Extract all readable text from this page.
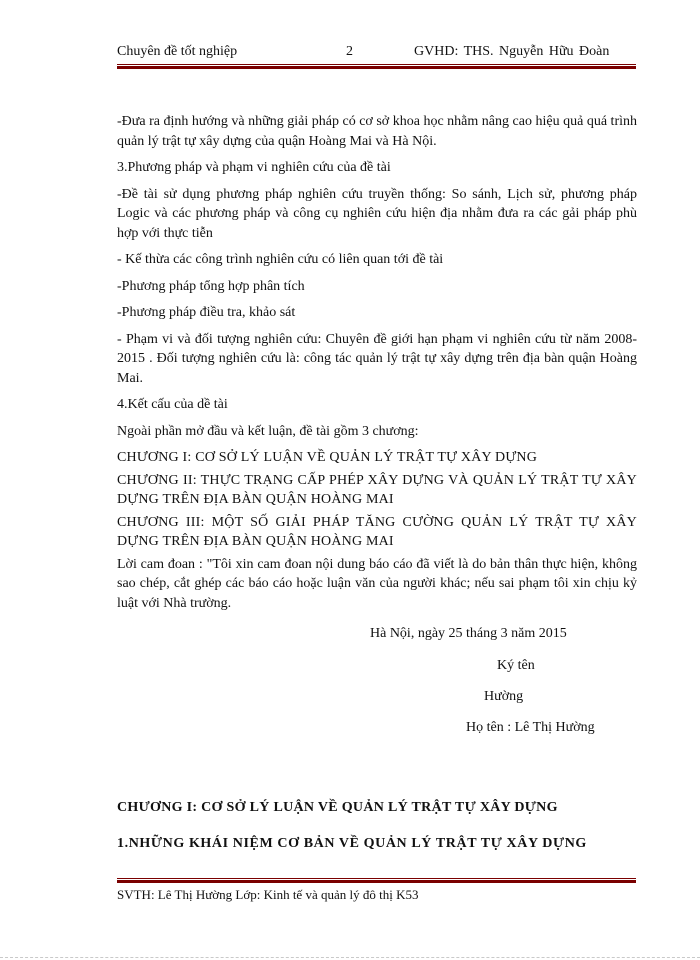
Chuyên đề tốt nghiệp	2	GVHD: THS. Nguyễn Hữu Đoàn

-Đưa ra định hướng và những giải pháp có cơ sở khoa học nhằm nâng cao hiệu quả quá trình quản lý trật tự xây dựng của quận Hoàng Mai và Hà Nội.

3.Phương pháp và phạm vi nghiên cứu của đề tài

-Đề tài sử dụng phương pháp nghiên cứu truyền thống: So sánh, Lịch sử, phương pháp Logic và các phương pháp và công cụ nghiên cứu hiện địa nhằm đưa ra các gải pháp phù hợp với thực tiễn

- Kế thừa các công trình nghiên cứu có liên quan tới đề tài

-Phương pháp tổng hợp phân tích

-Phương pháp điều tra, khảo sát

- Phạm vi và đối tượng nghiên cứu: Chuyên đề giới hạn phạm vi nghiên cứu từ năm 2008- 2015 . Đối tượng nghiên cứu là: công tác quản lý trật tự xây dựng trên địa bàn quận Hoàng Mai.

4.Kết cấu của dề tài

Ngoài phần mở đầu và kết luận, đề tài gồm 3 chương:

CHƯƠNG I: CƠ SỞ LÝ LUẬN VỀ QUẢN LÝ TRẬT TỰ XÂY DỰNG

CHƯƠNG II: THỰC TRẠNG CẤP PHÉP XÂY DỰNG VÀ QUẢN LÝ TRẬT TỰ XÂY DỰNG TRÊN ĐỊA BÀN QUẬN HOÀNG MAI

CHƯƠNG III: MỘT SỐ GIẢI PHÁP TĂNG CƯỜNG QUẢN LÝ TRẬT TỰ XÂY DỰNG TRÊN ĐỊA BÀN QUẬN HOÀNG MAI

Lời cam đoan : "Tôi xin cam đoan nội dung báo cáo đã viết là do bản thân thực hiện, không sao chép, cắt ghép các báo cáo hoặc luận văn của người khác; nếu sai phạm tôi xin chịu kỷ luật với Nhà trường.

Hà Nội, ngày 25 tháng 3 năm 2015
Ký tên
Hường
Họ tên : Lê Thị Hường
CHƯƠNG I: CƠ SỞ LÝ LUẬN VỀ QUẢN LÝ TRẬT TỰ XÂY DỰNG
1.NHỮNG KHÁI NIỆM CƠ BẢN VỀ QUẢN LÝ TRẬT TỰ XÂY DỰNG
SVTH: Lê Thị Hường Lớp: Kinh tế và quản lý đô thị K53
